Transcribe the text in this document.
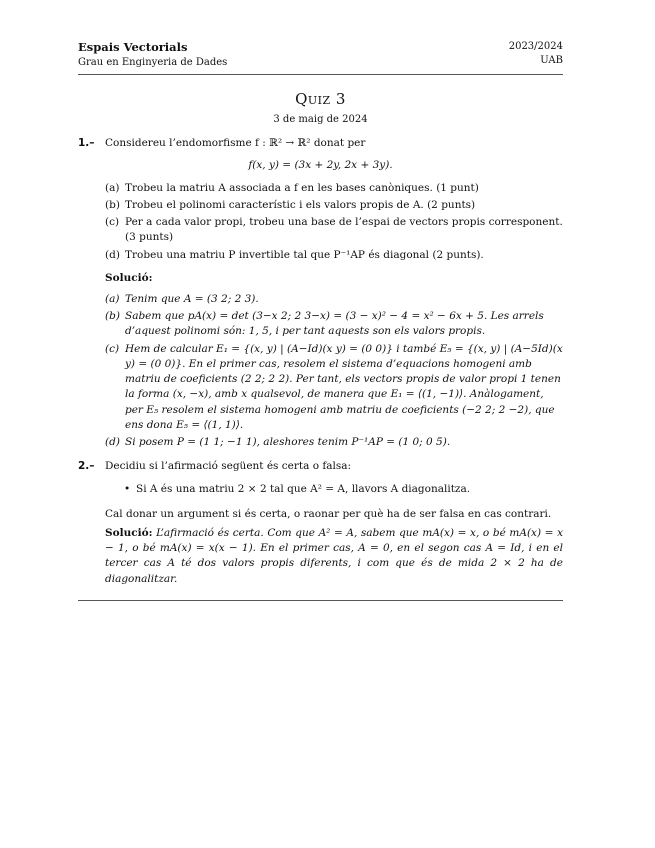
Espais Vectorials
Grau en Enginyeria de Dades
2023/2024
UAB
Quiz 3
3 de maig de 2024
1.– Considereu l’endomorfisme f : ℝ² → ℝ² donat per
f(x, y) = (3x + 2y, 2x + 3y).
(a) Trobeu la matriu A associada a f en les bases canòniques. (1 punt)
(b) Trobeu el polinomi característic i els valors propis de A. (2 punts)
(c) Per a cada valor propi, trobeu una base de l’espai de vectors propis corresponent. (3 punts)
(d) Trobeu una matriu P invertible tal que P⁻¹AP és diagonal (2 punts).
Solució:
(a) Tenim que A = (3 2; 2 3).
(b) Sabem que pA(x) = det (3−x 2; 2 3−x) = (3 − x)² − 4 = x² − 6x + 5. Les arrels d’aquest polinomi són: 1, 5, i per tant aquests son els valors propis.
(c) Hem de calcular E₁ = {(x, y) | (A−Id)(x y) = (0 0)} i també E₅ = {(x, y) | (A−5Id)(x y) = (0 0)}. En el primer cas, resolem el sistema d’equacions homogeni amb matriu de coeficients (2 2; 2 2). Per tant, els vectors propis de valor propi 1 tenen la forma (x, −x), amb x qualsevol, de manera que E₁ = ⟨(1, −1)⟩. Anàlogament, per E₅ resolem el sistema homogeni amb matriu de coeficients (−2 2; 2 −2), que ens dona E₅ = ⟨(1, 1)⟩.
(d) Si posem P = (1 1; −1 1), aleshores tenim P⁻¹AP = (1 0; 0 5).
2.– Decidiu si l’afirmació següent és certa o falsa:
• Si A és una matriu 2 × 2 tal que A² = A, llavors A diagonalitza.
Cal donar un argument si és certa, o raonar per què ha de ser falsa en cas contrari.
Solució: L’afirmació és certa. Com que A² = A, sabem que mA(x) = x, o bé mA(x) = x − 1, o bé mA(x) = x(x − 1). En el primer cas, A = 0, en el segon cas A = Id, i en el tercer cas A té dos valors propis diferents, i com que és de mida 2 × 2 ha de diagonalitzar.
